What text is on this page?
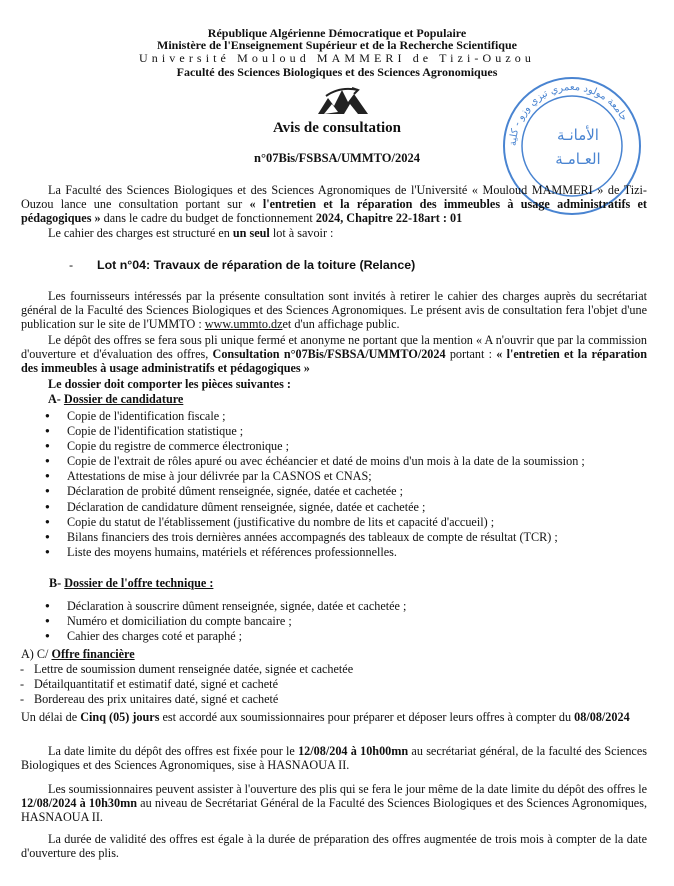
République Algérienne Démocratique et Populaire
Ministère de l'Enseignement Supérieur et de la Recherche Scientifique
Université Mouloud MAMMERI de Tizi-Ouzou
Faculté des Sciences Biologiques et des Sciences Agronomiques
جامعة مولود معمري تيزي وزو - كلية
الأمانـة
العـامـة
Avis de consultation
n°07Bis/FSBSA/UMMTO/2024
La Faculté des Sciences Biologiques et des Sciences Agronomiques de l'Université « Mouloud MAMMERI » de Tizi-Ouzou lance une consultation portant sur « l'entretien et la réparation des immeubles à usage administratifs et pédagogiques » dans le cadre du budget de fonctionnement 2024, Chapitre 22-18art : 01
Le cahier des charges est structuré en un seul lot à savoir :
- Lot n°04: Travaux de réparation de la toiture (Relance)
Les fournisseurs intéressés par la présente consultation sont invités à retirer le cahier des charges auprès du secrétariat général de la Faculté des Sciences Biologiques et des Sciences Agronomiques. Le présent avis de consultation fera l'objet d'une publication sur le site de l'UMMTO : www.ummto.dzet d'un affichage public.
Le dépôt des offres se fera sous pli unique fermé et anonyme ne portant que la mention « A n'ouvrir que par la commission d'ouverture et d'évaluation des offres, Consultation n°07Bis/FSBSA/UMMTO/2024 portant : « l'entretien et la réparation des immeubles à usage administratifs et pédagogiques »
Le dossier doit comporter les pièces suivantes :
A- Dossier de candidature
● Copie de l'identification fiscale ;
● Copie de l'identification statistique ;
● Copie du registre de commerce électronique ;
● Copie de l'extrait de rôles apuré ou avec échéancier et daté de moins d'un mois à la date de la soumission ;
● Attestations de mise à jour délivrée par la CASNOS et CNAS;
● Déclaration de probité dûment renseignée, signée, datée et cachetée ;
● Déclaration de candidature dûment renseignée, signée, datée et cachetée ;
● Copie du statut de l'établissement (justificative du nombre de lits et capacité d'accueil) ;
● Bilans financiers des trois dernières années accompagnés des tableaux de compte de résultat (TCR) ;
● Liste des moyens humains, matériels et références professionnelles.
B- Dossier de l'offre technique :
● Déclaration à souscrire dûment renseignée, signée, datée et cachetée ;
● Numéro et domiciliation du compte bancaire ;
● Cahier des charges coté et paraphé ;
A) C/ Offre financière
- Lettre de soumission dument renseignée datée, signée et cachetée
- Détailquantitatif et estimatif daté, signé et cacheté
- Bordereau des prix unitaires daté, signé et cacheté
Un délai de Cinq (05) jours est accordé aux soumissionnaires pour préparer et déposer leurs offres à compter du 08/08/2024
La date limite du dépôt des offres est fixée pour le 12/08/204 à 10h00mn au secrétariat général, de la faculté des Sciences Biologiques et des Sciences Agronomiques, sise à HASNAOUA II.
Les soumissionnaires peuvent assister à l'ouverture des plis qui se fera le jour même de la date limite du dépôt des offres le 12/08/2024 à 10h30mn au niveau de Secrétariat Général de la Faculté des Sciences Biologiques et des Sciences Agronomiques, HASNAOUA II.
La durée de validité des offres est égale à la durée de préparation des offres augmentée de trois mois à compter de la date d'ouverture des plis.
